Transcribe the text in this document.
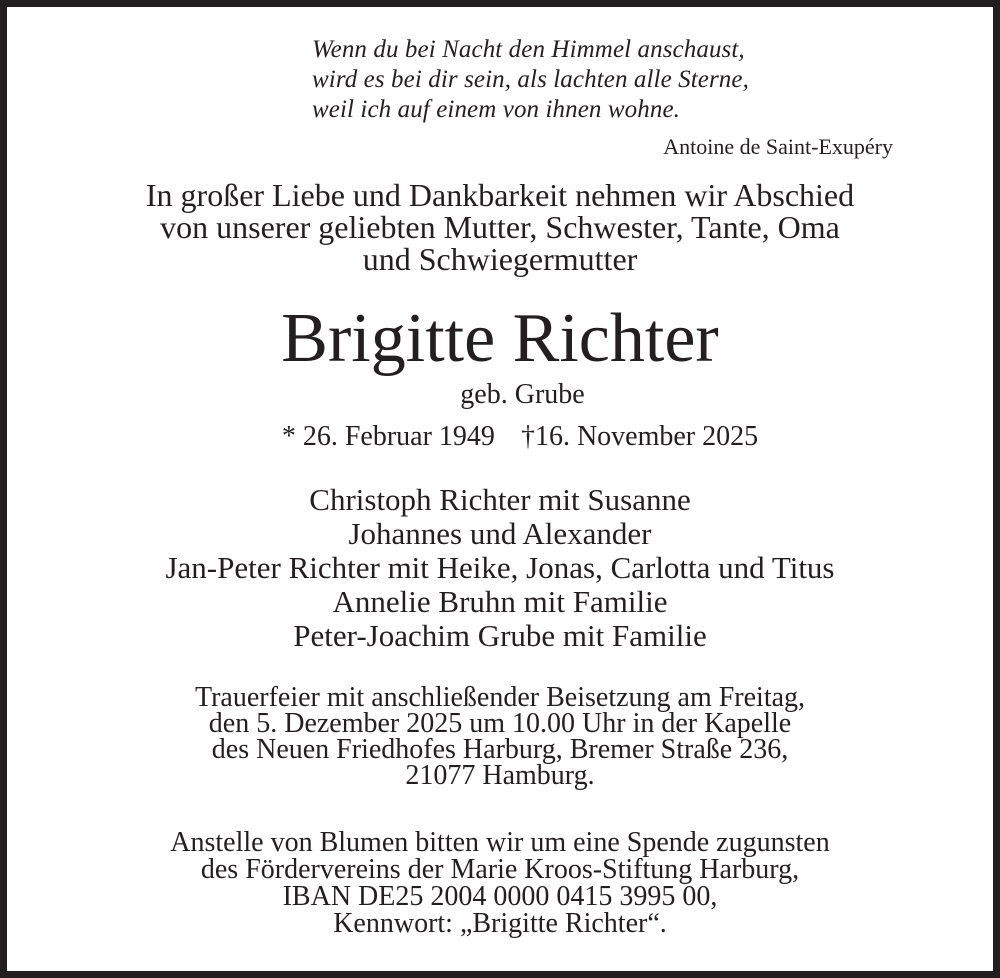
Wenn du bei Nacht den Himmel anschaust,
wird es bei dir sein, als lachten alle Sterne,
weil ich auf einem von ihnen wohne.
Antoine de Saint-Exupéry
In großer Liebe und Dankbarkeit nehmen wir Abschied
von unserer geliebten Mutter, Schwester, Tante, Oma
und Schwiegermutter
Brigitte Richter
geb. Grube
* 26. Februar 1949 †16. November 2025
Christoph Richter mit Susanne
Johannes und Alexander
Jan-Peter Richter mit Heike, Jonas, Carlotta und Titus
Annelie Bruhn mit Familie
Peter-Joachim Grube mit Familie
Trauerfeier mit anschließender Beisetzung am Freitag,
den 5. Dezember 2025 um 10.00 Uhr in der Kapelle
des Neuen Friedhofes Harburg, Bremer Straße 236,
21077 Hamburg.
Anstelle von Blumen bitten wir um eine Spende zugunsten
des Fördervereins der Marie Kroos-Stiftung Harburg,
IBAN DE25 2004 0000 0415 3995 00,
Kennwort: „Brigitte Richter“.
